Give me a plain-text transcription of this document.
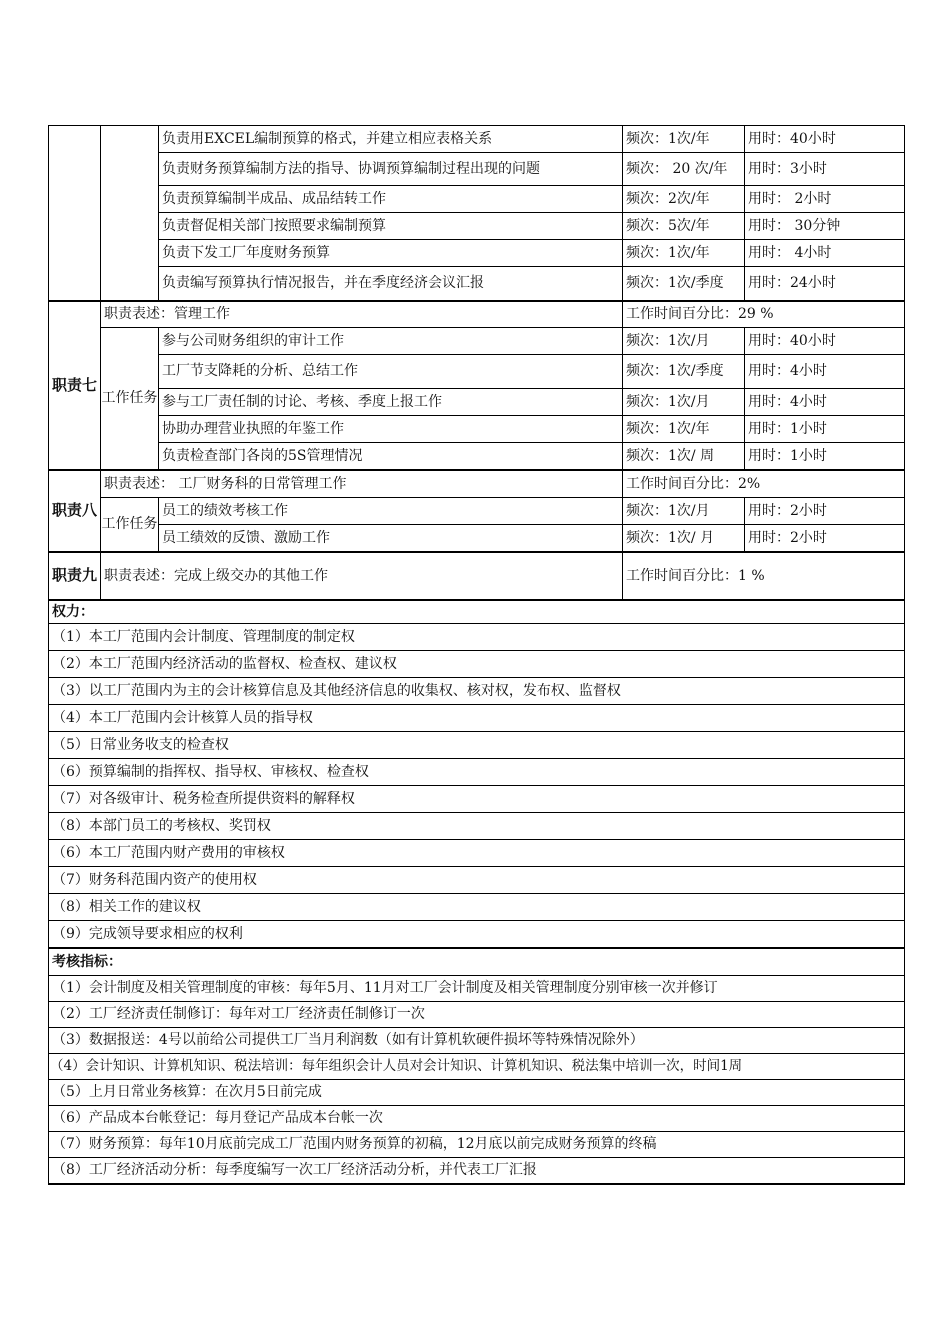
		负责用EXCEL编制预算的格式，并建立相应表格关系	频次：1次/年	用时：40小时
		负责财务预算编制方法的指导、协调预算编制过程出现的问题	频次： 20 次/年	用时：3小时
		负责预算编制半成品、成品结转工作	频次：2次/年	用时： 2小时
		负责督促相关部门按照要求编制预算	频次：5次/年	用时： 30分钟
		负责下发工厂年度财务预算	频次：1次/年	用时： 4小时
		负责编写预算执行情况报告，并在季度经济会议汇报	频次：1次/季度	用时：24小时
职责七	职责表述：管理工作		工作时间百分比：29 %	
	工作任务	参与公司财务组织的审计工作	频次：1次/月	用时：40小时
		工厂节支降耗的分析、总结工作	频次：1次/季度	用时：4小时
		参与工厂责任制的讨论、考核、季度上报工作	频次：1次/月	用时：4小时
		协助办理营业执照的年鉴工作	频次：1次/年	用时：1小时
		负责检查部门各岗的5S管理情况	频次：1次/ 周	用时：1小时
职责八	职责表述： 工厂财务科的日常管理工作		工作时间百分比：2%	
	工作任务	员工的绩效考核工作	频次：1次/月	用时：2小时
		员工绩效的反馈、激励工作	频次：1次/ 月	用时：2小时
职责九	职责表述：完成上级交办的其他工作		工作时间百分比：1 %	
权力：				
（1）本工厂范围内会计制度、管理制度的制定权				
（2）本工厂范围内经济活动的监督权、检查权、建议权				
（3）以工厂范围内为主的会计核算信息及其他经济信息的收集权、核对权，发布权、监督权				
（4）本工厂范围内会计核算人员的指导权				
（5）日常业务收支的检查权				
（6）预算编制的指挥权、指导权、审核权、检查权				
（7）对各级审计、税务检查所提供资料的解释权				
（8）本部门员工的考核权、奖罚权				
（6）本工厂范围内财产费用的审核权				
（7）财务科范围内资产的使用权				
（8）相关工作的建议权				
（9）完成领导要求相应的权利				
考核指标：				
（1）会计制度及相关管理制度的审核：每年5月、11月对工厂会计制度及相关管理制度分别审核一次并修订				
（2）工厂经济责任制修订：每年对工厂经济责任制修订一次				
（3）数据报送：4号以前给公司提供工厂当月利润数（如有计算机软硬件损坏等特殊情况除外）				
（4）会计知识、计算机知识、税法培训：每年组织会计人员对会计知识、计算机知识、税法集中培训一次，时间1周				
（5）上月日常业务核算：在次月5日前完成				
（6）产品成本台帐登记：每月登记产品成本台帐一次				
（7）财务预算：每年10月底前完成工厂范围内财务预算的初稿，12月底以前完成财务预算的终稿				
（8）工厂经济活动分析：每季度编写一次工厂经济活动分析，并代表工厂汇报				
